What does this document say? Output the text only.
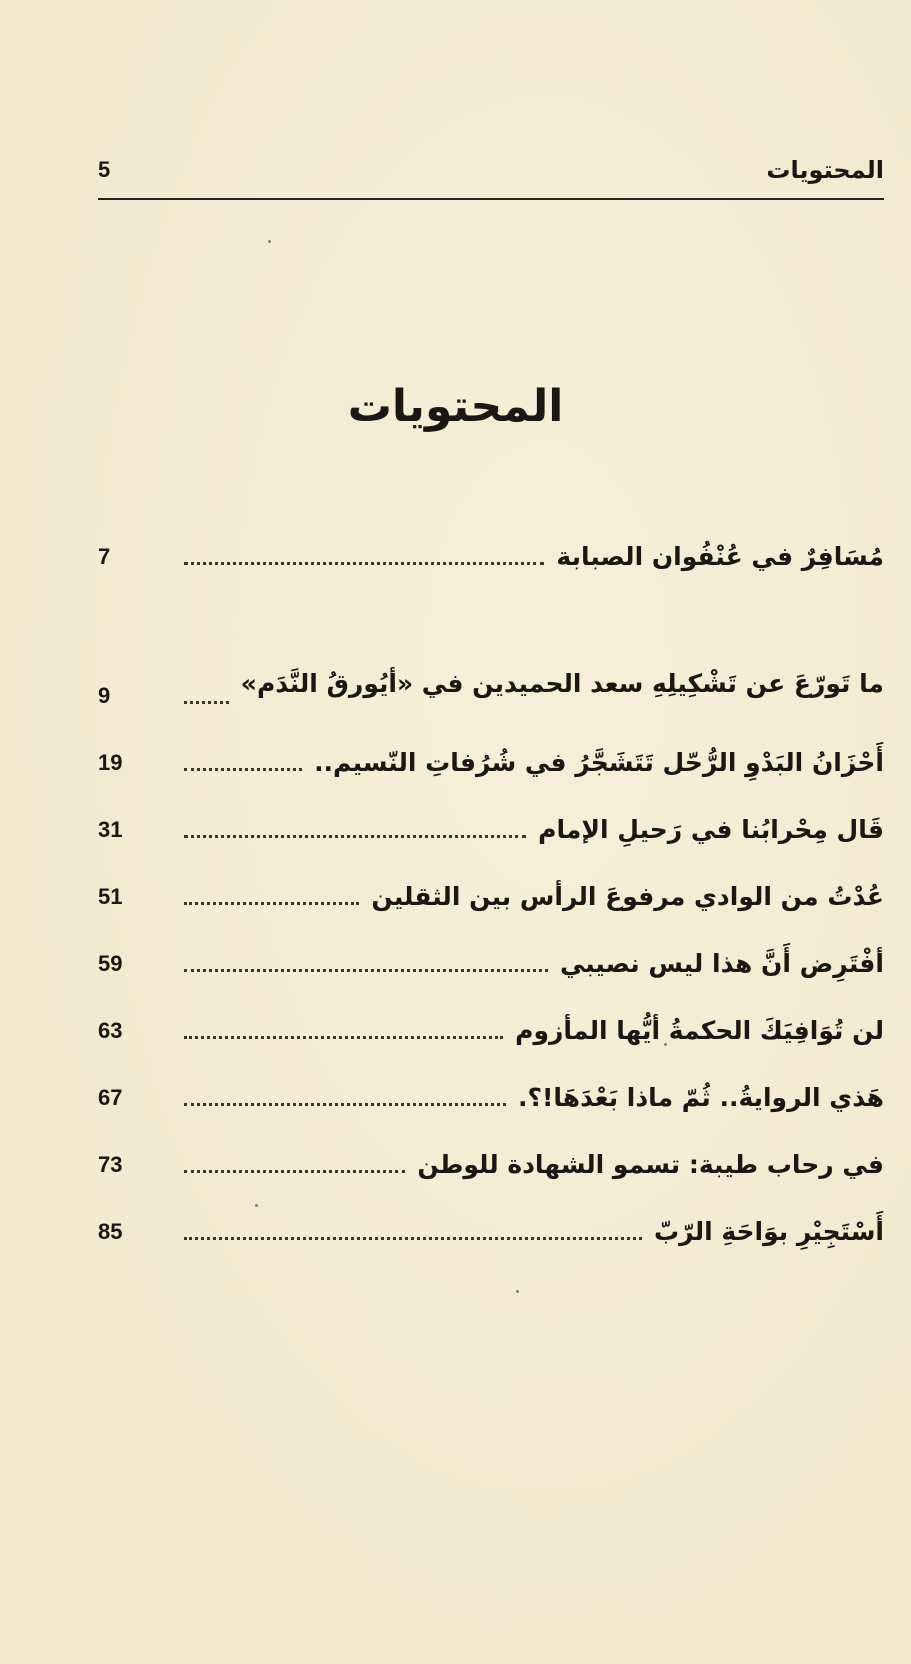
المحتويات
5
المحتويات
7	مُسَافِرٌ في عُنْفُوان الصبابة
9	ما تَورّعَ عن تَشْكِيلِهِ سعد الحميدين في «أيُورقُ النَّدَم»
19	أَحْزَانُ البَدْوِ الرُّحّل تَتَشَجَّرُ في شُرُفاتِ النّسيم..
31	قَال مِحْرابُنا في رَحيلِ الإمام
51	عُدْتُ من الوادي مرفوعَ الرأس بين الثقلين
59	أفْتَرِض أَنَّ هذا ليس نصيبي
63	لن تُوَافِيَكَ الحكمةُ أيُّها المأزوم
67	هَذي الروايةُ.. ثُمّ ماذا بَعْدَهَا!؟.
73	في رحاب طيبة: تسمو الشهادة للوطن
85	أَسْتَجِيْرِ بوَاحَةِ الرّبّ
